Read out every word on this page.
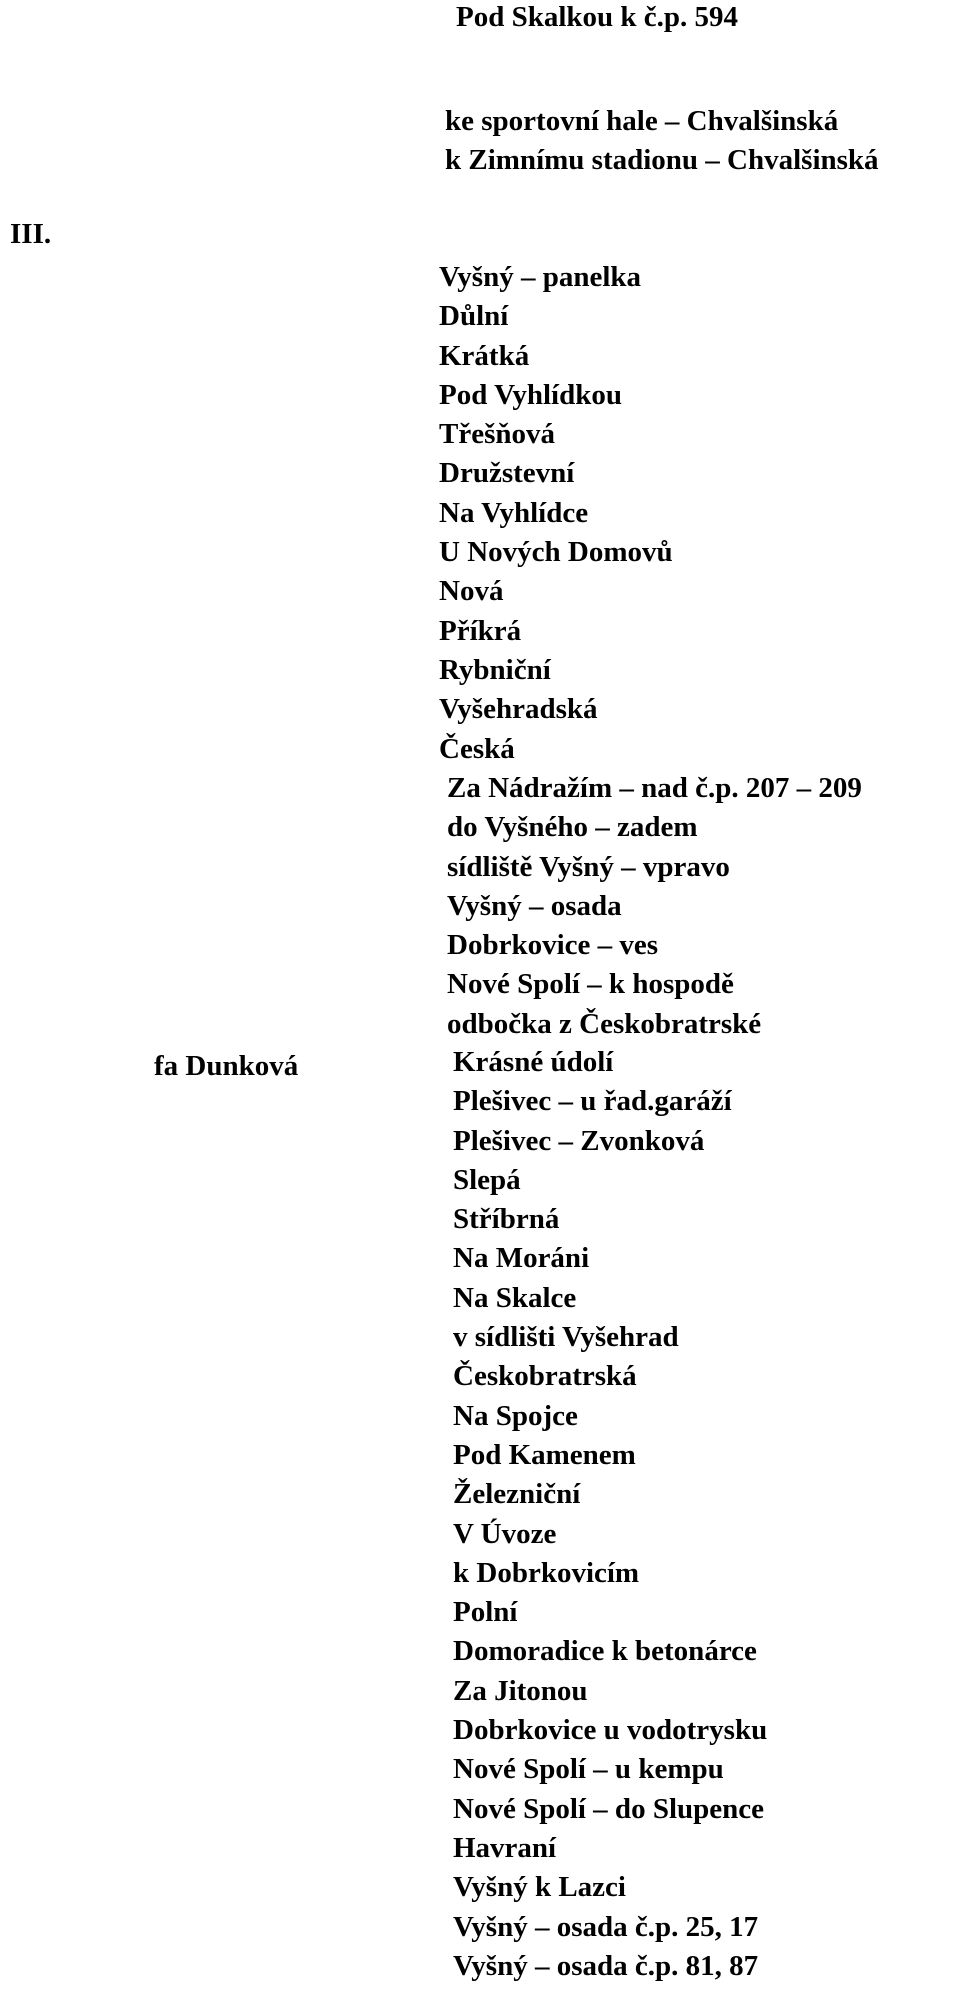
Pod Skalkou k č.p. 594

ke sportovní hale – Chvalšinská

k Zimnímu stadionu – Chvalšinská

III.

fa Dunková

Vyšný – panelka
Důlní
Krátká
Pod Vyhlídkou
Třešňová
Družstevní
Na Vyhlídce
U Nových Domovů
Nová
Příkrá
Rybniční
Vyšehradská
Česká
Za Nádražím – nad č.p. 207 – 209
do Vyšného – zadem
sídliště Vyšný – vpravo
Vyšný – osada
Dobrkovice – ves
Nové Spolí – k hospodě
odbočka z Českobratrské
Krásné údolí
Plešivec – u řad.garáží
Plešivec – Zvonková
Slepá
Stříbrná
Na Moráni
Na Skalce
v sídlišti Vyšehrad
Českobratrská
Na Spojce
Pod Kamenem
Železniční
V Úvoze
k Dobrkovicím
Polní
Domoradice k betonárce
Za Jitonou
Dobrkovice u vodotrysku
Nové Spolí – u kempu
Nové Spolí – do Slupence
Havraní
Vyšný k Lazci
Vyšný – osada č.p. 25, 17
Vyšný – osada č.p. 81, 87
